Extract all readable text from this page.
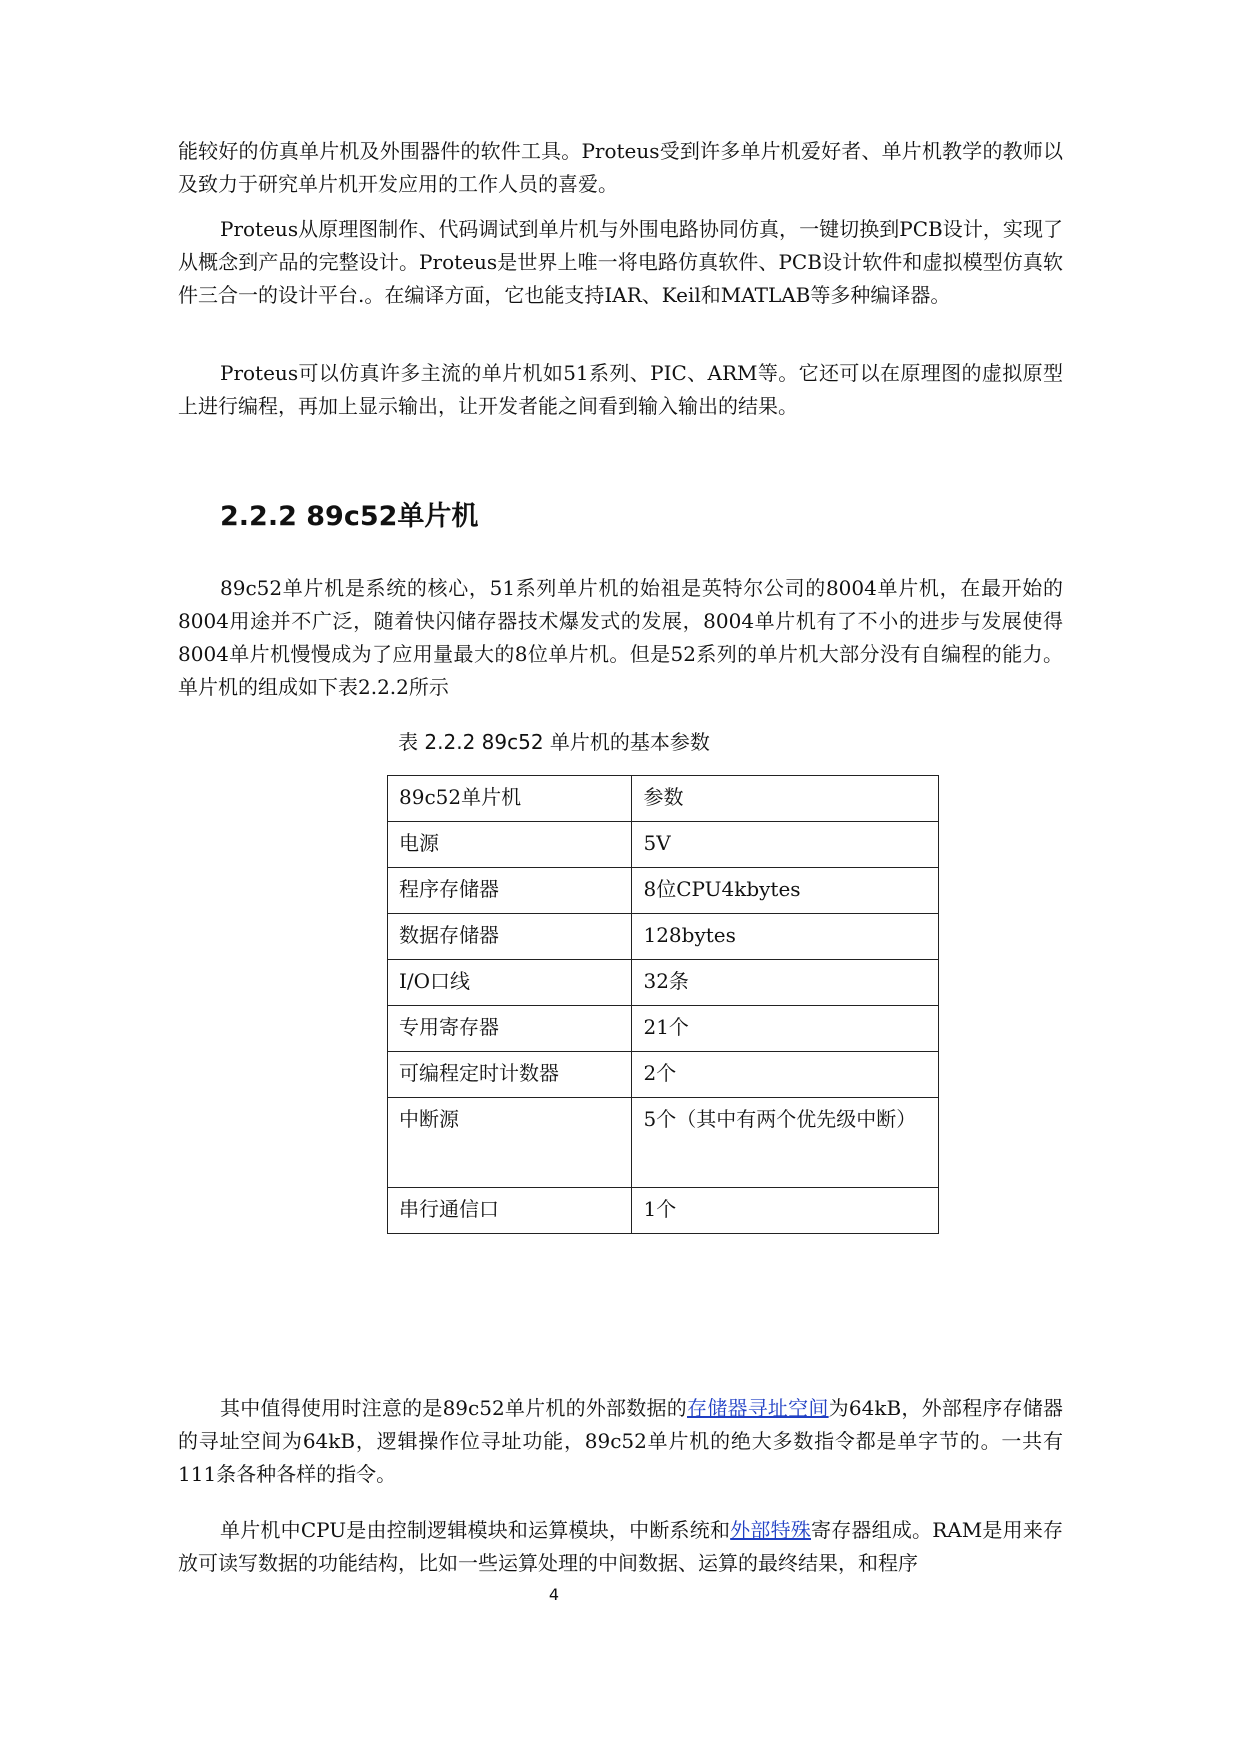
能较好的仿真单片机及外围器件的软件工具。Proteus受到许多单片机爱好者、单片机教学的教师以及致力于研究单片机开发应用的工作人员的喜爱。

Proteus从原理图制作、代码调试到单片机与外围电路协同仿真，一键切换到PCB设计，实现了从概念到产品的完整设计。Proteus是世界上唯一将电路仿真软件、PCB设计软件和虚拟模型仿真软件三合一的设计平台.。在编译方面，它也能支持IAR、Keil和MATLAB等多种编译器。

Proteus可以仿真许多主流的单片机如51系列、PIC、ARM等。它还可以在原理图的虚拟原型上进行编程，再加上显示输出，让开发者能之间看到输入输出的结果。

2.2.2 89c52单片机

89c52单片机是系统的核心，51系列单片机的始祖是英特尔公司的8004单片机，在最开始的8004用途并不广泛，随着快闪储存器技术爆发式的发展，8004单片机有了不小的进步与发展使得8004单片机慢慢成为了应用量最大的8位单片机。但是52系列的单片机大部分没有自编程的能力。单片机的组成如下表2.2.2所示

表 2.2.2 89c52 单片机的基本参数

89c52单片机	参数
电源	5V
程序存储器	8位CPU4kbytes
数据存储器	128bytes
I/O口线	32条
专用寄存器	21个
可编程定时计数器	2个
中断源	5个（其中有两个优先级中断）
串行通信口	1个

其中值得使用时注意的是89c52单片机的外部数据的存储器寻址空间为64kB，外部程序存储器的寻址空间为64kB，逻辑操作位寻址功能，89c52单片机的绝大多数指令都是单字节的。一共有111条各种各样的指令。

单片机中CPU是由控制逻辑模块和运算模块，中断系统和外部特殊寄存器组成。RAM是用来存放可读写数据的功能结构，比如一些运算处理的中间数据、运算的最终结果，和程序

4
